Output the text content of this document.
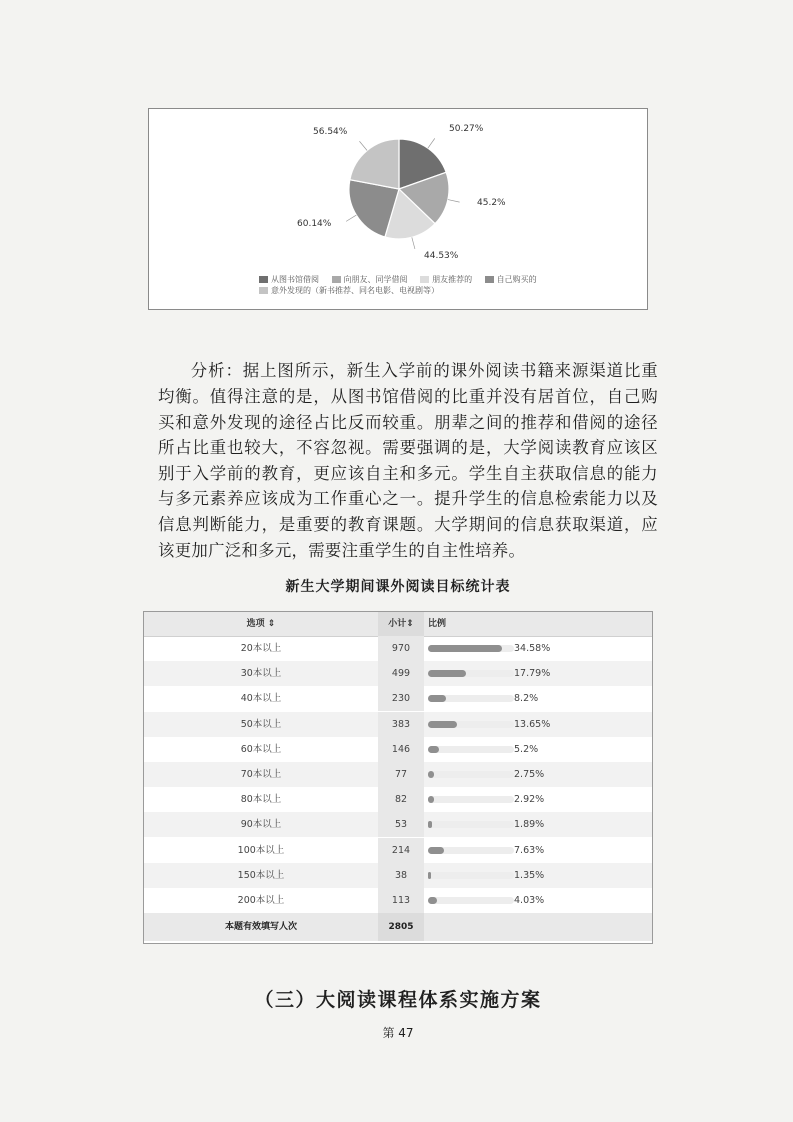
50.27%
45.2%
44.53%
60.14%
56.54%
从图书馆借阅	向朋友、同学借阅	朋友推荐的	自己购买的
意外发现的（新书推荐、同名电影、电视剧等）

分析：据上图所示，新生入学前的课外阅读书籍来源渠道比重均衡。值得注意的是，从图书馆借阅的比重并没有居首位，自己购买和意外发现的途径占比反而较重。朋辈之间的推荐和借阅的途径所占比重也较大，不容忽视。需要强调的是，大学阅读教育应该区别于入学前的教育，更应该自主和多元。学生自主获取信息的能力与多元素养应该成为工作重心之一。提升学生的信息检索能力以及信息判断能力，是重要的教育课题。大学期间的信息获取渠道，应该更加广泛和多元，需要注重学生的自主性培养。

新生大学期间课外阅读目标统计表
选项 ⇕	小计⇕	比例
20本以上	970	34.58%
30本以上	499	17.79%
40本以上	230	8.2%
50本以上	383	13.65%
60本以上	146	5.2%
70本以上	77	2.75%
80本以上	82	2.92%
90本以上	53	1.89%
100本以上	214	7.63%
150本以上	38	1.35%
200本以上	113	4.03%
本题有效填写人次	2805
（三）大阅读课程体系实施方案
第 47
